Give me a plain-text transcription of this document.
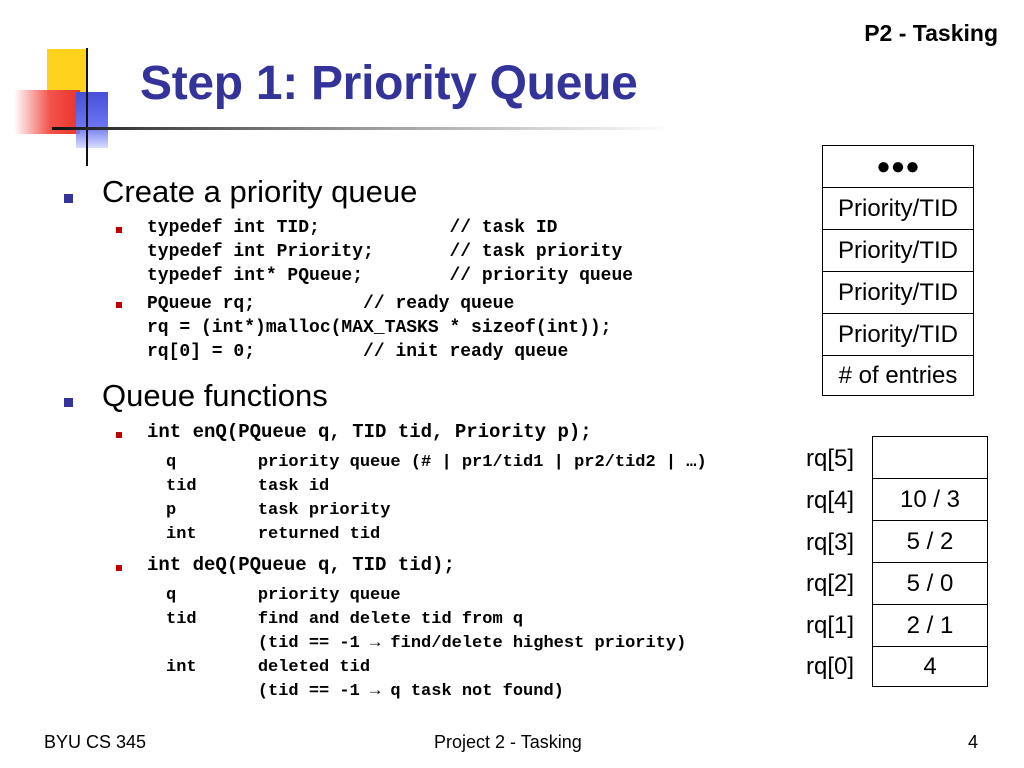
P2 - Tasking
Step 1: Priority Queue
Create a priority queue
typedef int TID;            // task ID
typedef int Priority;       // task priority
typedef int* PQueue;        // priority queue
PQueue rq;          // ready queue
rq = (int*)malloc(MAX_TASKS * sizeof(int));
rq[0] = 0;          // init ready queue
Queue functions
int enQ(PQueue q, TID tid, Priority p);
q        priority queue (# | pr1/tid1 | pr2/tid2 | …)
tid      task id
p        task priority
int      returned tid
int deQ(PQueue q, TID tid);
q        priority queue
tid      find and delete tid from q
(tid == -1 → find/delete highest priority)
int      deleted tid
(tid == -1 → q task not found)
●●●
Priority/TID
Priority/TID
Priority/TID
Priority/TID
# of entries
rq[5]
rq[4]	10 / 3
rq[3]	5 / 2
rq[2]	5 / 0
rq[1]	2 / 1
rq[0]	4
BYU CS 345	Project 2 - Tasking	4
